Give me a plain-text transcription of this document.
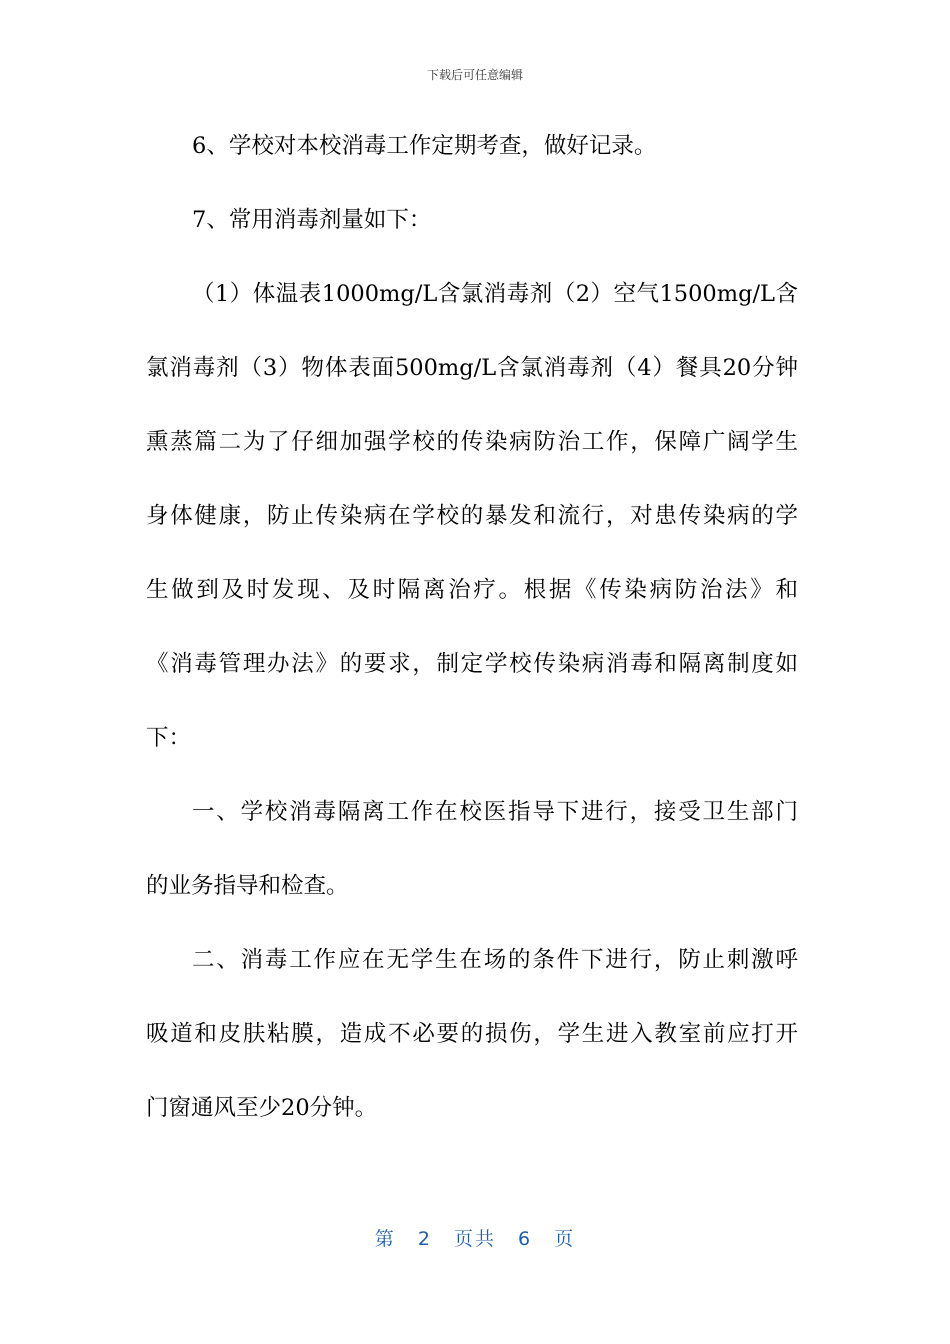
下载后可任意编辑
6、学校对本校消毒工作定期考查，做好记录。
7、常用消毒剂量如下：
（1）体温表1000mg/L含氯消毒剂（2）空气1500mg/L含
氯消毒剂（3）物体表面500mg/L含氯消毒剂（4）餐具20分钟
熏蒸篇二为了仔细加强学校的传染病防治工作，保障广阔学生
身体健康，防止传染病在学校的暴发和流行，对患传染病的学
生做到及时发现、及时隔离治疗。根据《传染病防治法》和
《消毒管理办法》的要求，制定学校传染病消毒和隔离制度如
下：
一、学校消毒隔离工作在校医指导下进行，接受卫生部门
的业务指导和检查。
二、消毒工作应在无学生在场的条件下进行，防止刺激呼
吸道和皮肤粘膜，造成不必要的损伤，学生进入教室前应打开
门窗通风至少20分钟。
第 2 页共 6 页
